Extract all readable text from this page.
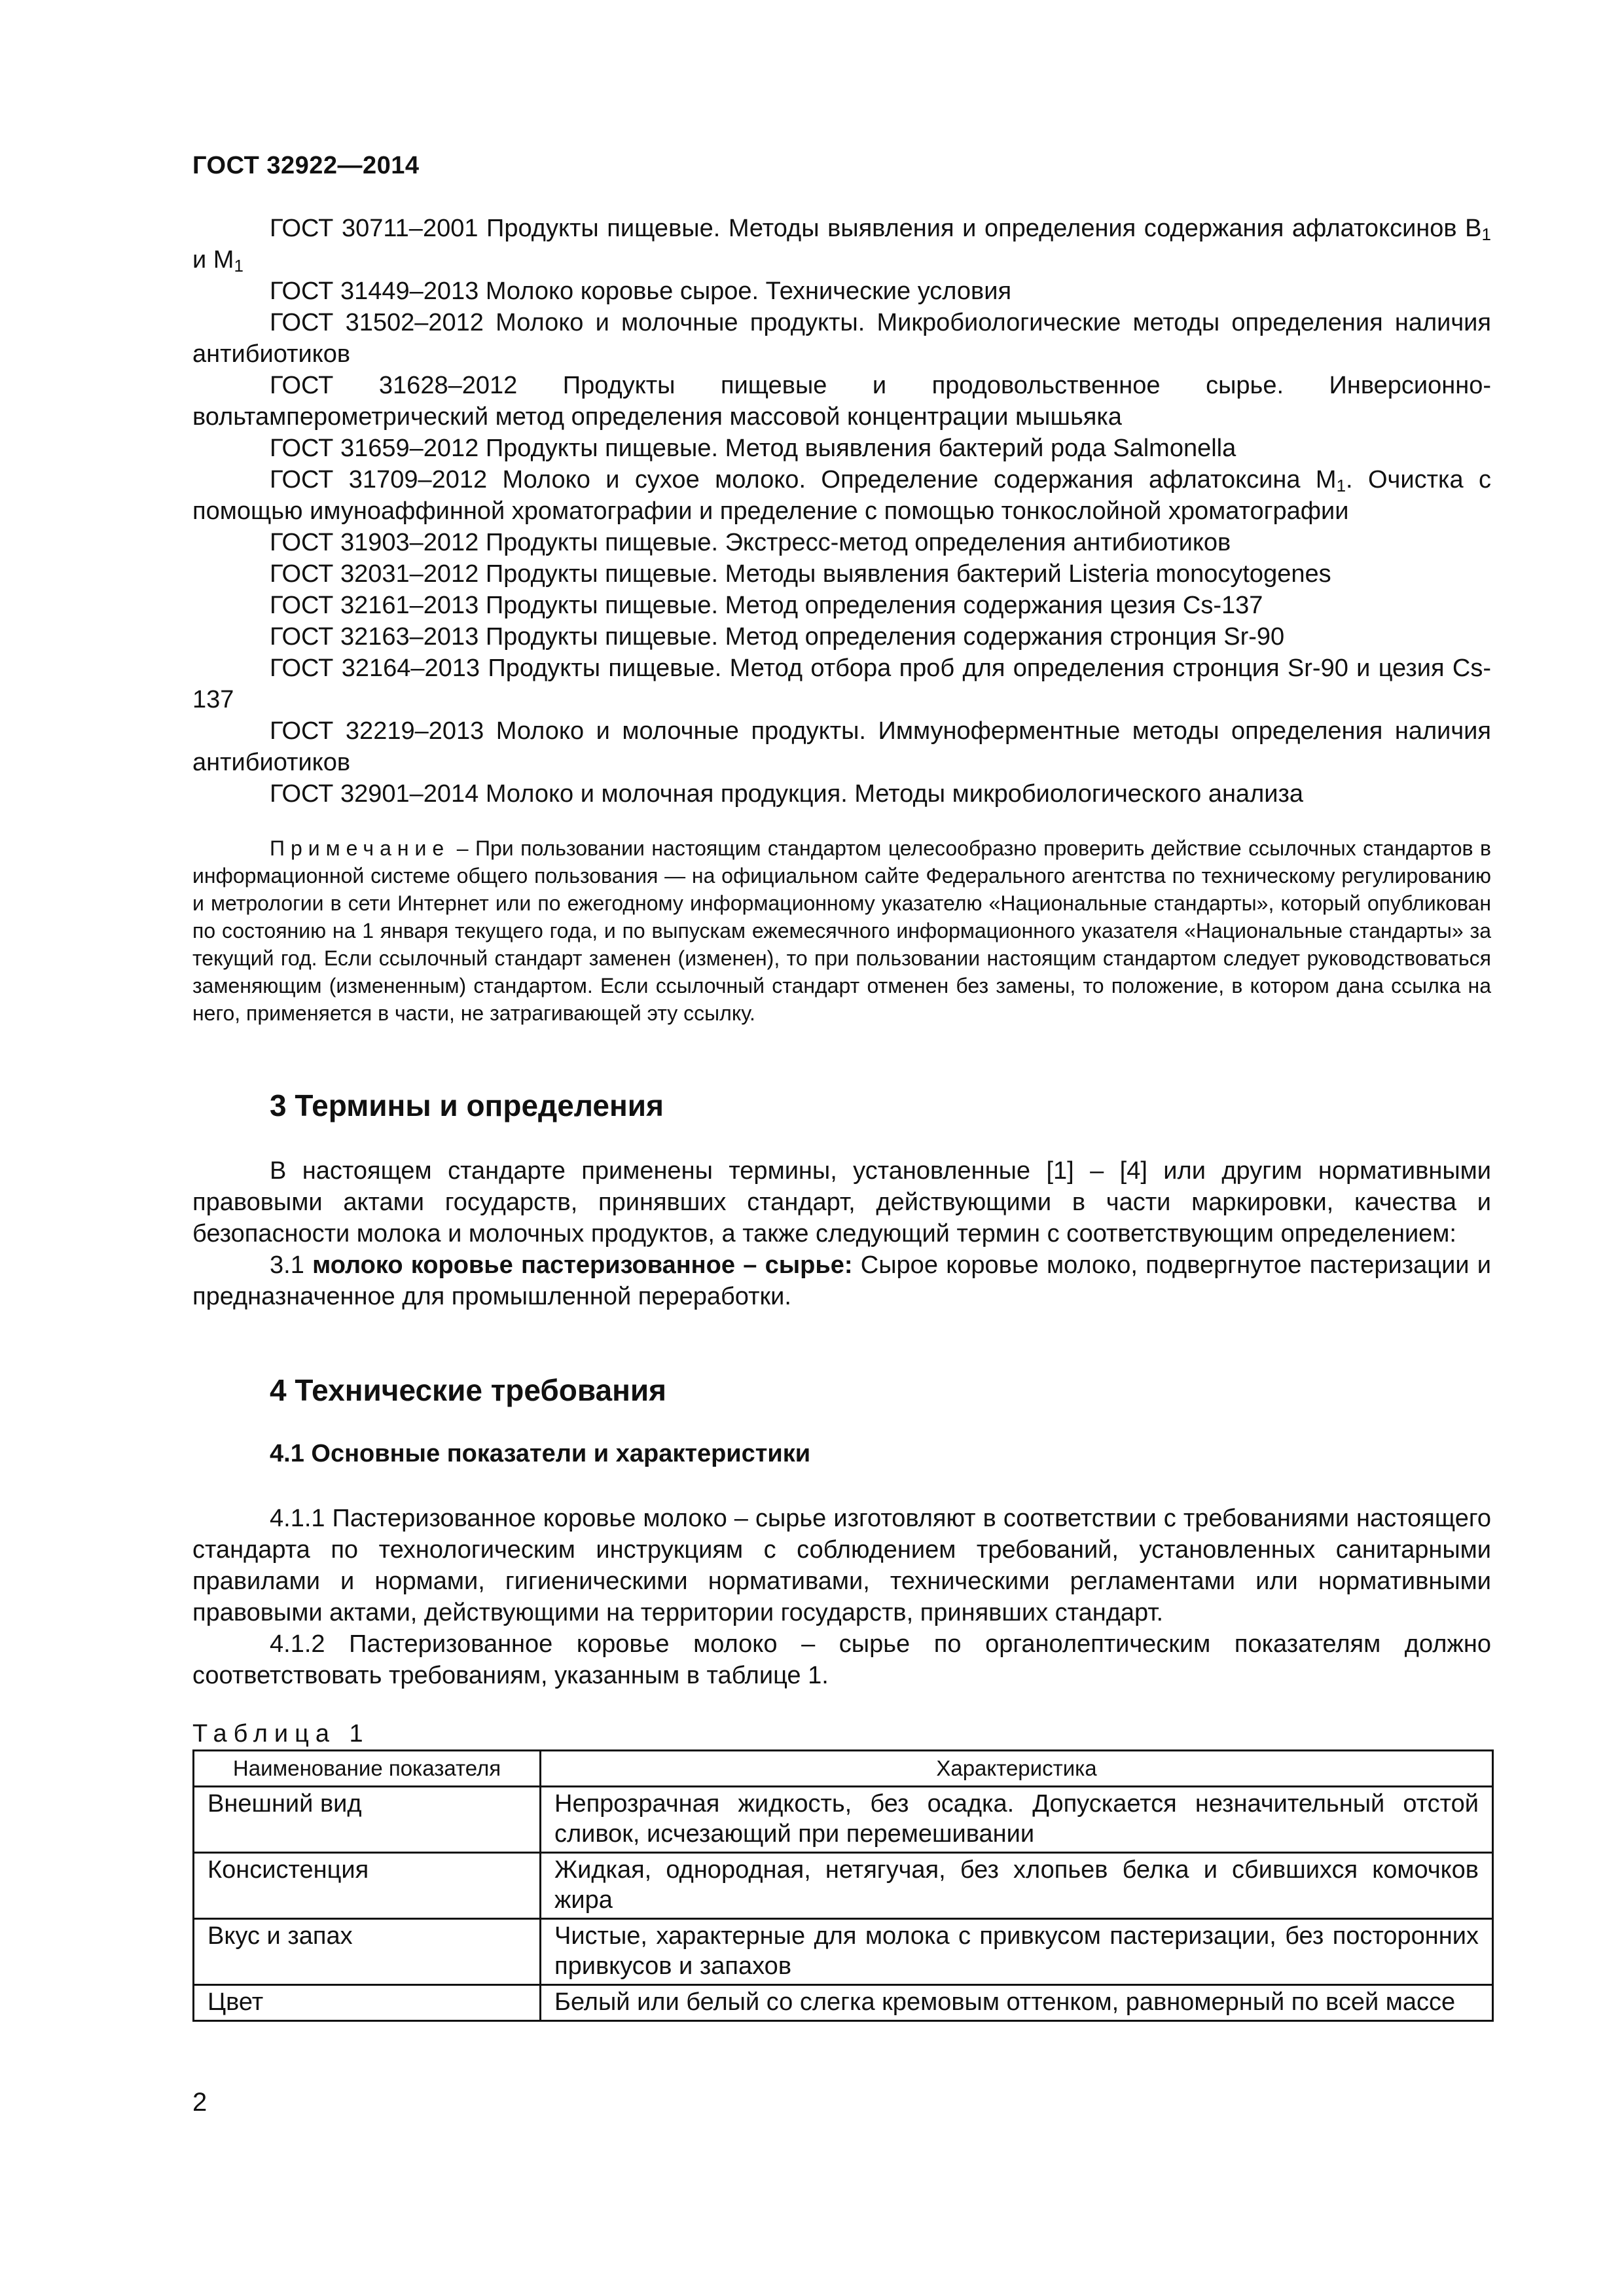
ГОСТ 32922—2014

ГОСТ 30711–2001 Продукты пищевые. Методы выявления и определения содержания афлатоксинов $B_1$ и $M_1$

ГОСТ 31449–2013 Молоко коровье сырое. Технические условия

ГОСТ 31502–2012 Молоко и молочные продукты. Микробиологические методы определения наличия антибиотиков

ГОСТ 31628–2012 Продукты пищевые и продовольственное сырье. Инверсионно-вольтамперометрический метод определения массовой концентрации мышьяка

ГОСТ 31659–2012 Продукты пищевые. Метод выявления бактерий рода Salmonella

ГОСТ 31709–2012 Молоко и сухое молоко. Определение содержания афлатоксина $M_1$. Очистка с помощью имуноаффинной хроматографии и пределение с помощью тонкослойной хроматографии

ГОСТ 31903–2012 Продукты пищевые. Экстресс-метод определения антибиотиков

ГОСТ 32031–2012 Продукты пищевые. Методы выявления бактерий Listeria monocytogenes

ГОСТ 32161–2013 Продукты пищевые. Метод определения содержания цезия Cs-137

ГОСТ 32163–2013 Продукты пищевые. Метод определения содержания стронция Sr-90

ГОСТ 32164–2013 Продукты пищевые. Метод отбора проб для определения стронция Sr-90 и цезия Cs-137

ГОСТ 32219–2013 Молоко и молочные продукты. Иммуноферментные методы определения наличия антибиотиков

ГОСТ 32901–2014 Молоко и молочная продукция. Методы микробиологического анализа

Примечание – При пользовании настоящим стандартом целесообразно проверить действие ссылочных стандартов в информационной системе общего пользования — на официальном сайте Федерального агентства по техническому регулированию и метрологии в сети Интернет или по ежегодному информационному указателю «Национальные стандарты», который опубликован по состоянию на 1 января текущего года, и по выпускам ежемесячного информационного указателя «Национальные стандарты» за текущий год. Если ссылочный стандарт заменен (изменен), то при пользовании настоящим стандартом следует руководствоваться заменяющим (измененным) стандартом. Если ссылочный стандарт отменен без замены, то положение, в котором дана ссылка на него, применяется в части, не затрагивающей эту ссылку.
3 Термины и определения

В настоящем стандарте применены термины, установленные [1] – [4] или другим нормативными правовыми актами государств, принявших стандарт, действующими в части маркировки, качества и безопасности молока и молочных продуктов, а также следующий термин с соответствующим определением:

3.1 молоко коровье пастеризованное – сырье: Сырое коровье молоко, подвергнутое пастеризации и предназначенное для промышленной переработки.

4 Технические требования
4.1 Основные показатели и характеристики

4.1.1 Пастеризованное коровье молоко – сырье изготовляют в соответствии с требованиями настоящего стандарта по технологическим инструкциям с соблюдением требований, установленных санитарными правилами и нормами, гигиеническими нормативами, техническими регламентами или нормативными правовыми актами, действующими на территории государств, принявших стандарт.

4.1.2 Пастеризованное коровье молоко – сырье по органолептическим показателям должно соответствовать требованиям, указанным в таблице 1.

Таблица 1
Наименование показателя	Характеристика
Внешний вид	Непрозрачная жидкость, без осадка. Допускается незначительный отстой сливок, исчезающий при перемешивании
Консистенция	Жидкая, однородная, нетягучая, без хлопьев белка и сбившихся комочков жира
Вкус и запах	Чистые, характерные для молока с привкусом пастеризации, без посторонних привкусов и запахов
Цвет	Белый или белый со слегка кремовым оттенком, равномерный по всей массе
2
